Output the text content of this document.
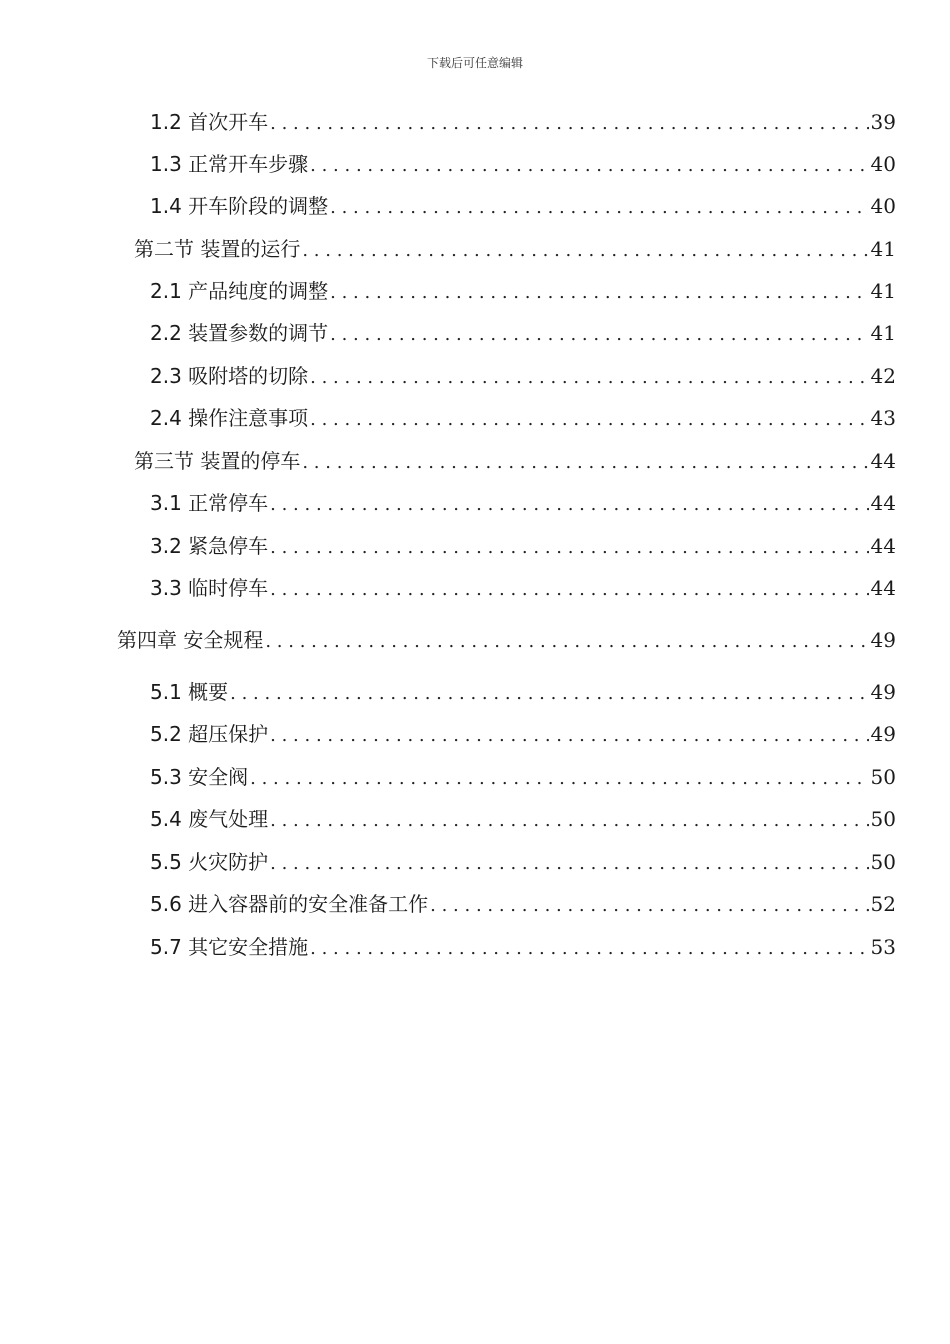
下载后可任意编辑
1.2 首次开车 . . .	39
1.3 正常开车步骤 . . .	40
1.4 开车阶段的调整 . . .	40
第二节 装置的运行 . . .	41
2.1 产品纯度的调整 . . .	41
2.2 装置参数的调节 . . .	41
2.3 吸附塔的切除 . . .	42
2.4 操作注意事项 . . .	43
第三节 装置的停车 . . .	44
3.1 正常停车 . . .	44
3.2 紧急停车 . . .	44
3.3 临时停车 . . .	44
第四章 安全规程 . . .	49
5.1 概要 . . .	49
5.2 超压保护 . . .	49
5.3 安全阀 . . .	50
5.4 废气处理 . . .	50
5.5 火灾防护 . . .	50
5.6 进入容器前的安全准备工作 . . .	52
5.7 其它安全措施 . . .	53
